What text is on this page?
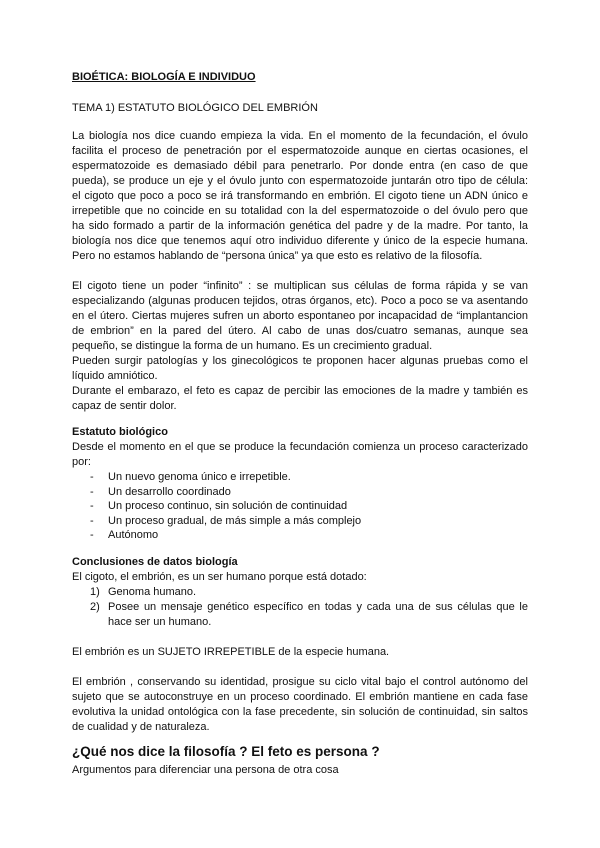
BIOÉTICA: BIOLOGÍA E INDIVIDUO
TEMA 1) ESTATUTO BIOLÓGICO DEL EMBRIÓN
La biología nos dice cuando empieza la vida. En el momento de la fecundación, el óvulo
facilita el proceso de penetración por el espermatozoide aunque en ciertas ocasiones, el
espermatozoide es demasiado débil para penetrarlo. Por donde entra (en caso de que
pueda), se produce un eje y el óvulo junto con espermatozoide juntarán otro tipo de célula:
el cigoto que poco a poco se irá transformando en embrión. El cigoto tiene un ADN único e
irrepetible que no coincide en su totalidad con la del espermatozoide o del óvulo pero que
ha sido formado a partir de la información genética del padre y de la madre. Por tanto, la
biología nos dice que tenemos aquí otro individuo diferente y único de la especie humana.
Pero no estamos hablando de “persona única” ya que esto es relativo de la filosofía.
El cigoto tiene un poder “infinito” : se multiplican sus células de forma rápida y se van
especializando (algunas producen tejidos, otras órganos, etc). Poco a poco se va asentando
en el útero. Ciertas mujeres sufren un aborto espontaneo por incapacidad de “implantancion
de embrion” en la pared del útero. Al cabo de unas dos/cuatro semanas, aunque sea
pequeño, se distingue la forma de un humano. Es un crecimiento gradual.
Pueden surgir patologías y los ginecológicos te proponen hacer algunas pruebas como el
líquido amniótico.
Durante el embarazo, el feto es capaz de percibir las emociones de la madre y también es
capaz de sentir dolor.
Estatuto biológico
Desde el momento en el que se produce la fecundación comienza un proceso caracterizado
por:
-	Un nuevo genoma único e irrepetible.
-	Un desarrollo coordinado
-	Un proceso continuo, sin solución de continuidad
-	Un proceso gradual, de más simple a más complejo
-	Autónomo
Conclusiones de datos biología
El cigoto, el embrión, es un ser humano porque está dotado:
1) Genoma humano.
2) Posee un mensaje genético específico en todas y cada una de sus células que le
hace ser un humano.
El embrión es un SUJETO IRREPETIBLE de la especie humana.
El embrión , conservando su identidad, prosigue su ciclo vital bajo el control autónomo del
sujeto que se autoconstruye en un proceso coordinado. El embrión mantiene en cada fase
evolutiva la unidad ontológica con la fase precedente, sin solución de continuidad, sin saltos
de cualidad y de naturaleza.
¿Qué nos dice la filosofía ? El feto es persona ?
Argumentos para diferenciar una persona de otra cosa
